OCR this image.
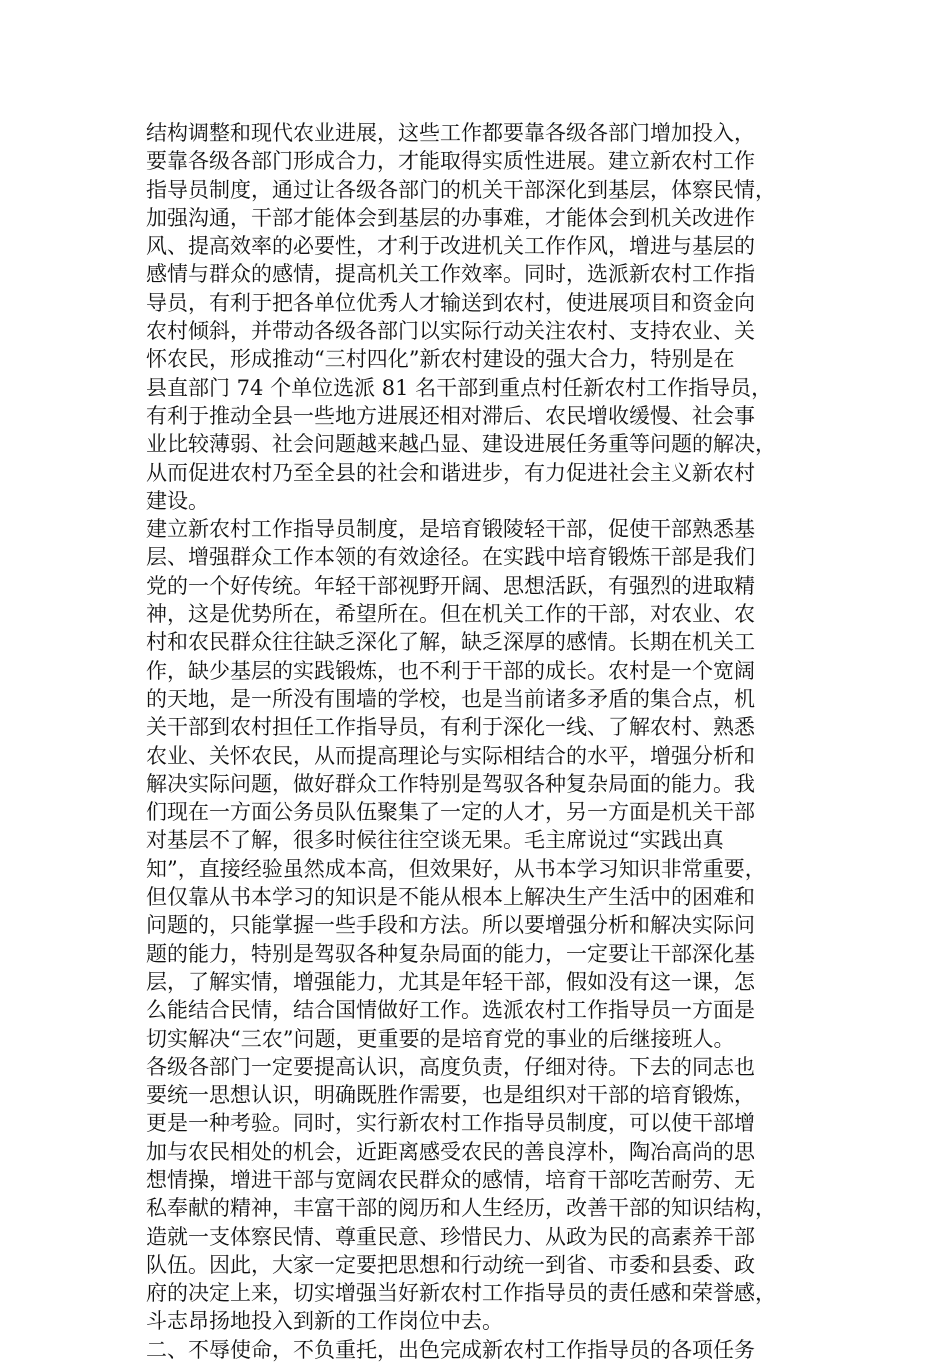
结构调整和现代农业进展，这些工作都要靠各级各部门增加投入，
要靠各级各部门形成合力，才能取得实质性进展。建立新农村工作
指导员制度，通过让各级各部门的机关干部深化到基层，体察民情，
加强沟通，干部才能体会到基层的办事难，才能体会到机关改进作
风、提高效率的必要性，才利于改进机关工作作风，增进与基层的
感情与群众的感情，提高机关工作效率。同时，选派新农村工作指
导员，有利于把各单位优秀人才输送到农村，使进展项目和资金向
农村倾斜，并带动各级各部门以实际行动关注农村、支持农业、关
怀农民，形成推动“三村四化”新农村建设的强大合力，特别是在
县直部门 74 个单位选派 81 名干部到重点村任新农村工作指导员，
有利于推动全县一些地方进展还相对滞后、农民增收缓慢、社会事
业比较薄弱、社会问题越来越凸显、建设进展任务重等问题的解决，
从而促进农村乃至全县的社会和谐进步，有力促进社会主义新农村
建设。
建立新农村工作指导员制度，是培育锻陵轻干部，促使干部熟悉基
层、增强群众工作本领的有效途径。在实践中培育锻炼干部是我们
党的一个好传统。年轻干部视野开阔、思想活跃，有强烈的进取精
神，这是优势所在，希望所在。但在机关工作的干部，对农业、农
村和农民群众往往缺乏深化了解，缺乏深厚的感情。长期在机关工
作，缺少基层的实践锻炼，也不利于干部的成长。农村是一个宽阔
的天地，是一所没有围墙的学校，也是当前诸多矛盾的集合点，机
关干部到农村担任工作指导员，有利于深化一线、了解农村、熟悉
农业、关怀农民，从而提高理论与实际相结合的水平，增强分析和
解决实际问题，做好群众工作特别是驾驭各种复杂局面的能力。我
们现在一方面公务员队伍聚集了一定的人才，另一方面是机关干部
对基层不了解，很多时候往往空谈无果。毛主席说过“实践出真
知”，直接经验虽然成本高，但效果好，从书本学习知识非常重要，
但仅靠从书本学习的知识是不能从根本上解决生产生活中的困难和
问题的，只能掌握一些手段和方法。所以要增强分析和解决实际问
题的能力，特别是驾驭各种复杂局面的能力，一定要让干部深化基
层，了解实情，增强能力，尤其是年轻干部，假如没有这一课，怎
么能结合民情，结合国情做好工作。选派农村工作指导员一方面是
切实解决“三农”问题，更重要的是培育党的事业的后继接班人。
各级各部门一定要提高认识，高度负责，仔细对待。下去的同志也
要统一思想认识，明确既胜作需要，也是组织对干部的培育锻炼，
更是一种考验。同时，实行新农村工作指导员制度，可以使干部增
加与农民相处的机会，近距离感受农民的善良淳朴，陶冶高尚的思
想情操，增进干部与宽阔农民群众的感情，培育干部吃苦耐劳、无
私奉献的精神，丰富干部的阅历和人生经历，改善干部的知识结构，
造就一支体察民情、尊重民意、珍惜民力、从政为民的高素养干部
队伍。因此，大家一定要把思想和行动统一到省、市委和县委、政
府的决定上来，切实增强当好新农村工作指导员的责任感和荣誉感，
斗志昂扬地投入到新的工作岗位中去。
二、不辱使命，不负重托，出色完成新农村工作指导员的各项任务
